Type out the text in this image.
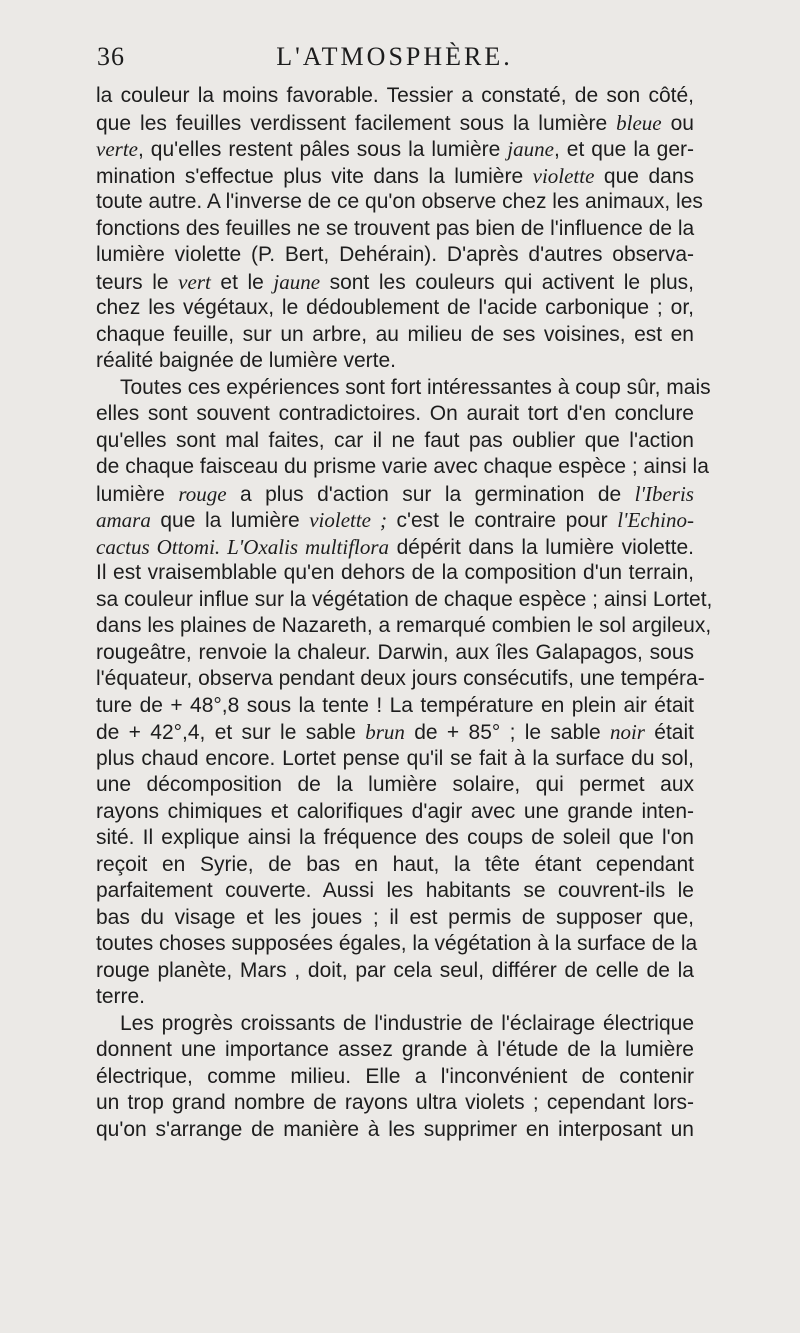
36	L'ATMOSPHÈRE.
la couleur la moins favorable. Tessier a constaté, de son côté,
que les feuilles verdissent facilement sous la lumière bleue ou
verte, qu'elles restent pâles sous la lumière jaune, et que la ger-
mination s'effectue plus vite dans la lumière violette que dans
toute autre. A l'inverse de ce qu'on observe chez les animaux, les
fonctions des feuilles ne se trouvent pas bien de l'influence de la
lumière violette (P. Bert, Dehérain). D'après d'autres observa-
teurs le vert et le jaune sont les couleurs qui activent le plus,
chez les végétaux, le dédoublement de l'acide carbonique ; or,
chaque feuille, sur un arbre, au milieu de ses voisines, est en
réalité baignée de lumière verte.
Toutes ces expériences sont fort intéressantes à coup sûr, mais
elles sont souvent contradictoires. On aurait tort d'en conclure
qu'elles sont mal faites, car il ne faut pas oublier que l'action
de chaque faisceau du prisme varie avec chaque espèce ; ainsi la
lumière rouge a plus d'action sur la germination de l'Iberis
amara que la lumière violette ; c'est le contraire pour l'Echino-
cactus Ottomi. L'Oxalis multiflora dépérit dans la lumière violette.
Il est vraisemblable qu'en dehors de la composition d'un terrain,
sa couleur influe sur la végétation de chaque espèce ; ainsi Lortet,
dans les plaines de Nazareth, a remarqué combien le sol argileux,
rougeâtre, renvoie la chaleur. Darwin, aux îles Galapagos, sous
l'équateur, observa pendant deux jours consécutifs, une tempéra-
ture de + 48°,8 sous la tente ! La température en plein air était
de + 42°,4, et sur le sable brun de + 85° ; le sable noir était
plus chaud encore. Lortet pense qu'il se fait à la surface du sol,
une décomposition de la lumière solaire, qui permet aux
rayons chimiques et calorifiques d'agir avec une grande inten-
sité. Il explique ainsi la fréquence des coups de soleil que l'on
reçoit en Syrie, de bas en haut, la tête étant cependant
parfaitement couverte. Aussi les habitants se couvrent-ils le
bas du visage et les joues ; il est permis de supposer que,
toutes choses supposées égales, la végétation à la surface de la
rouge planète, Mars , doit, par cela seul, différer de celle de la
terre.
Les progrès croissants de l'industrie de l'éclairage électrique
donnent une importance assez grande à l'étude de la lumière
électrique, comme milieu. Elle a l'inconvénient de contenir
un trop grand nombre de rayons ultra violets ; cependant lors-
qu'on s'arrange de manière à les supprimer en interposant un
